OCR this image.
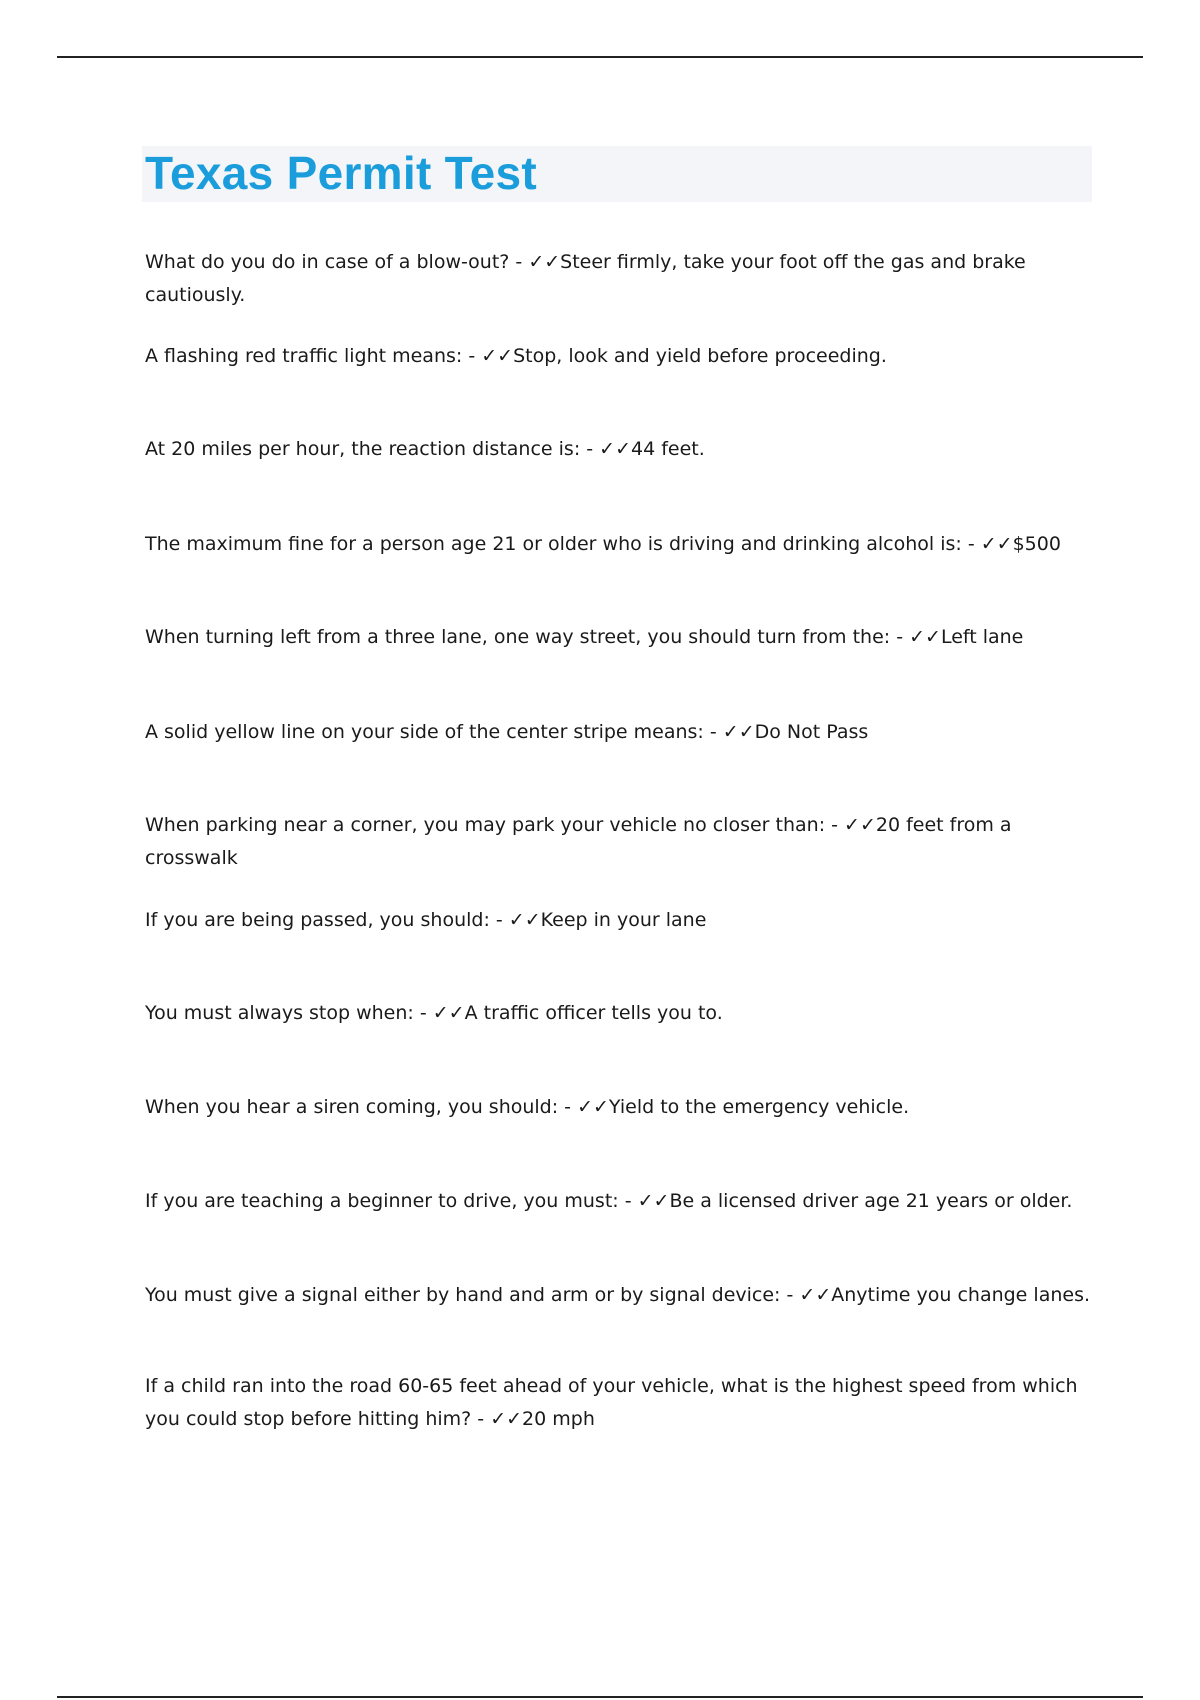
Texas Permit Test
What do you do in case of a blow-out? - ✓✓Steer firmly, take your foot off the gas and brake cautiously.
A flashing red traffic light means: - ✓✓Stop, look and yield before proceeding.
At 20 miles per hour, the reaction distance is: - ✓✓44 feet.
The maximum fine for a person age 21 or older who is driving and drinking alcohol is: - ✓✓$500
When turning left from a three lane, one way street, you should turn from the: - ✓✓Left lane
A solid yellow line on your side of the center stripe means: - ✓✓Do Not Pass
When parking near a corner, you may park your vehicle no closer than: - ✓✓20 feet from a crosswalk
If you are being passed, you should: - ✓✓Keep in your lane
You must always stop when: - ✓✓A traffic officer tells you to.
When you hear a siren coming, you should: - ✓✓Yield to the emergency vehicle.
If you are teaching a beginner to drive, you must: - ✓✓Be a licensed driver age 21 years or older.
You must give a signal either by hand and arm or by signal device: - ✓✓Anytime you change lanes.
If a child ran into the road 60-65 feet ahead of your vehicle, what is the highest speed from which you could stop before hitting him? - ✓✓20 mph
